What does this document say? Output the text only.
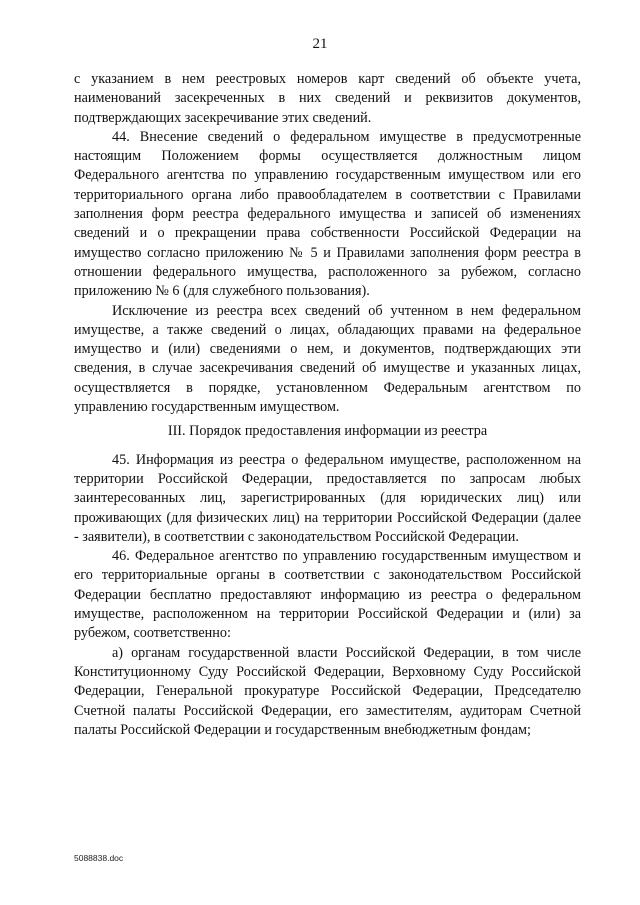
21

с указанием в нем реестровых номеров карт сведений об объекте учета, наименований засекреченных в них сведений и реквизитов документов, подтверждающих засекречивание этих сведений.

44. Внесение сведений о федеральном имуществе в предусмотренные настоящим Положением формы осуществляется должностным лицом Федерального агентства по управлению государственным имуществом или его территориального органа либо правообладателем в соответствии с Правилами заполнения форм реестра федерального имущества и записей об изменениях сведений и о прекращении права собственности Российской Федерации на имущество согласно приложению № 5 и Правилами заполнения форм реестра в отношении федерального имущества, расположенного за рубежом, согласно приложению № 6 (для служебного пользования).

Исключение из реестра всех сведений об учтенном в нем федеральном имуществе, а также сведений о лицах, обладающих правами на федеральное имущество и (или) сведениями о нем, и документов, подтверждающих эти сведения, в случае засекречивания сведений об имуществе и указанных лицах, осуществляется в порядке, установленном Федеральным агентством по управлению государственным имуществом.

III. Порядок предоставления информации из реестра

45. Информация из реестра о федеральном имуществе, расположенном на территории Российской Федерации, предоставляется по запросам любых заинтересованных лиц, зарегистрированных (для юридических лиц) или проживающих (для физических лиц) на территории Российской Федерации (далее - заявители), в соответствии с законодательством Российской Федерации.

46. Федеральное агентство по управлению государственным имуществом и его территориальные органы в соответствии с законодательством Российской Федерации бесплатно предоставляют информацию из реестра о федеральном имуществе, расположенном на территории Российской Федерации и (или) за рубежом, соответственно:

а) органам государственной власти Российской Федерации, в том числе Конституционному Суду Российской Федерации, Верховному Суду Российской Федерации, Генеральной прокуратуре Российской Федерации, Председателю Счетной палаты Российской Федерации, его заместителям, аудиторам Счетной палаты Российской Федерации и государственным внебюджетным фондам;

5088838.doc
